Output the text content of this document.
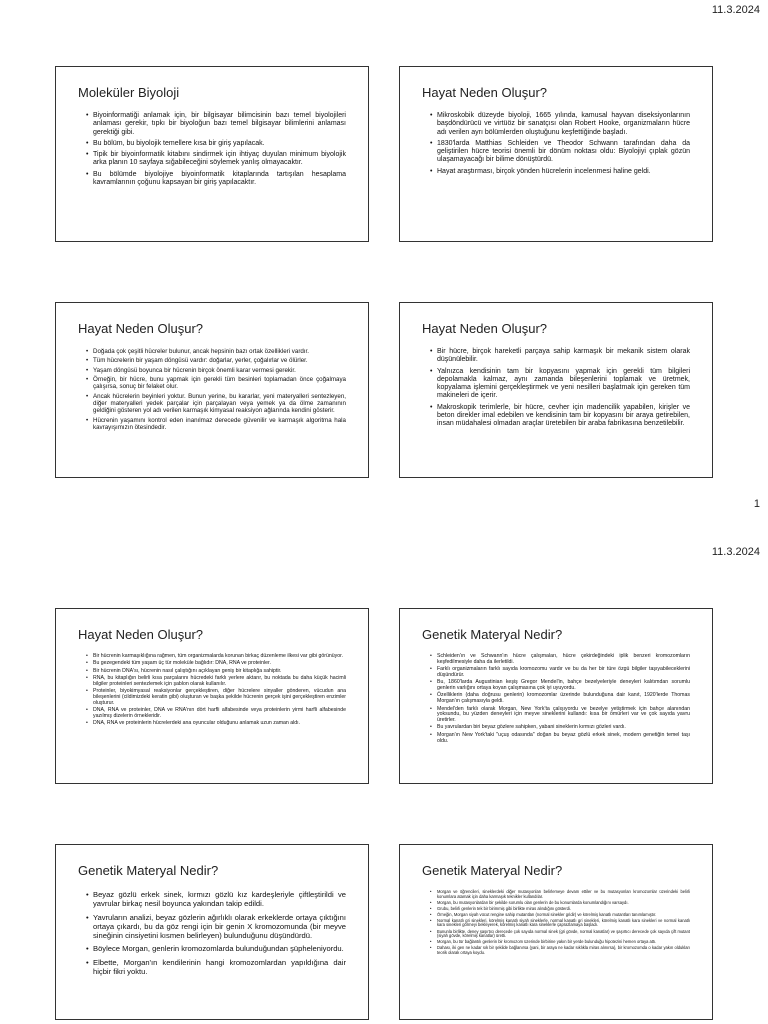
11.3.2024
Moleküler Biyoloji
• Biyoinformatiği anlamak için, bir bilgisayar bilimcisinin bazı temel biyolojileri anlaması gerekir, tıpkı bir biyoloğun bazı temel bilgisayar bilimlerini anlaması gerektiği gibi.
• Bu bölüm, bu biyolojik temellere kısa bir giriş yapılacak.
• Tipik bir biyoinformatik kitabını sindirmek için ihtiyaç duyulan minimum biyolojik arka planın 10 sayfaya sığabileceğini söylemek yanlış olmayacaktır.
• Bu bölümde biyolojiye biyoinformatik kitaplarında tartışılan hesaplama kavramlarının çoğunu kapsayan bir giriş yapılacaktır.
Hayat Neden Oluşur?
• Mikroskobik düzeyde biyoloji, 1665 yılında, kamusal hayvan diseksiyonlarının başdöndürücü ve virtüöz bir sanatçısı olan Robert Hooke, organizmaların hücre adı verilen ayrı bölümlerden oluştuğunu keşfettiğinde başladı.
• 1830'larda Matthias Schleiden ve Theodor Schwann tarafından daha da geliştirilen hücre teorisi önemli bir dönüm noktası oldu: Biyolojiyi çıplak gözün ulaşamayacağı bir bilime dönüştürdü.
• Hayat araştırması, birçok yönden hücrelerin incelenmesi haline geldi.
Hayat Neden Oluşur?
• Doğada çok çeşitli hücreler bulunur, ancak hepsinin bazı ortak özellikleri vardır.
• Tüm hücrelerin bir yaşam döngüsü vardır: doğarlar, yerler, çoğalırlar ve ölürler.
• Yaşam döngüsü boyunca bir hücrenin birçok önemli karar vermesi gerekir.
• Örneğin, bir hücre, bunu yapmak için gerekli tüm besinleri toplamadan önce çoğalmaya çalışırsa, sonuç bir felaket olur.
• Ancak hücrelerin beyinleri yoktur. Bunun yerine, bu kararlar, yeni materyalleri sentezleyen, diğer materyalleri yedek parçalar için parçalayan veya yemek ya da ölme zamanının geldiğini gösteren yol adı verilen karmaşık kimyasal reaksiyon ağlarında kendini gösterir.
• Hücrenin yaşamını kontrol eden inanılmaz derecede güvenilir ve karmaşık algoritma hala kavrayışımızın ötesindedir.
Hayat Neden Oluşur?
• Bir hücre, birçok hareketli parçaya sahip karmaşık bir mekanik sistem olarak düşünülebilir.
• Yalnızca kendisinin tam bir kopyasını yapmak için gerekli tüm bilgileri depolamakla kalmaz, aynı zamanda bileşenlerini toplamak ve üretmek, kopyalama işlemini gerçekleştirmek ve yeni nesilleri başlatmak için gereken tüm makineleri de içerir.
• Makroskopik terimlerle, bir hücre, cevher için madencilik yapabilen, kirişler ve beton direkler imal edebilen ve kendisinin tam bir kopyasını bir araya getirebilen, insan müdahalesi olmadan araçlar üretebilen bir araba fabrikasına benzetilebilir.
1
11.3.2024
Hayat Neden Oluşur?
• Bir hücrenin karmaşıklığına rağmen, tüm organizmalarda korunan birkaç düzenleme ilkesi var gibi görünüyor.
• Bu gezegendeki tüm yaşam üç tür moleküle bağlıdır: DNA, RNA ve proteinler.
• Bir hücrenin DNA'sı, hücrenin nasıl çalıştığını açıklayan geniş bir kitaplığa sahiptir.
• RNA, bu kitaplığın belirli kısa parçalarını hücredeki farklı yerlere aktarır, bu noktada bu daha küçük hacimli bilgiler proteinleri sentezlemek için şablon olarak kullanılır.
• Proteinler, biyokimyasal reaksiyonlar gerçekleştiren, diğer hücrelere sinyaller gönderen, vücudun ana bileşenlerini (cildimizdeki keratin gibi) oluşturan ve başka şekilde hücrenin gerçek işini gerçekleştiren enzimler oluşturur.
• DNA, RNA ve proteinler, DNA ve RNA'nın dört harfli alfabesinde veya proteinlerin yirmi harfli alfabesinde yazılmış dizelerin örnekleridir.
• DNA, RNA ve proteinlerin hücrelerdeki ana oyuncular olduğunu anlamak uzun zaman aldı.
Genetik Materyal Nedir?
• Schleiden'ın ve Schwann'ın hücre çalışmaları, hücre çekirdeğindeki iplik benzeri kromozomların keşfedilmesiyle daha da ilerletildi.
• Farklı organizmaların farklı sayıda kromozomu vardır ve bu da her bir türe özgü bilgiler taşıyabileceklerini düşündürür.
• Bu, 1860'larda Augustinian keşiş Gregor Mendel'in, bahçe bezelyeleriyle deneyleri kalıtımdan sorumlu genlerin varlığını ortaya koyan çalışmasına çok iyi uyuyordu.
• Özelliklerin (daha doğrusu genlerin) kromozomlar üzerinde bulunduğuna dair kanıt, 1920'lerde Thomas Morgan'ın çalışmasıyla geldi.
• Mendel'den farklı olarak Morgan, New York'ta çalışıyordu ve bezelye yetiştirmek için bahçe alanından yoksundu, bu yüzden deneyleri için meyve sineklerini kullandı: kısa bir ömürleri var ve çok sayıda yavru üretirler.
• Bu yavrulardan biri beyaz gözlere sahipken, yabani sineklerin kırmızı gözleri vardı.
• Morgan'ın New York'taki "uçuş odasında" doğan bu beyaz gözlü erkek sinek, modern genetiğin temel taşı oldu.
Genetik Materyal Nedir?
• Beyaz gözlü erkek sinek, kırmızı gözlü kız kardeşleriyle çiftleştirildi ve yavrular birkaç nesil boyunca yakından takip edildi.
• Yavruların analizi, beyaz gözlerin ağırlıklı olarak erkeklerde ortaya çıktığını ortaya çıkardı, bu da göz rengi için bir genin X kromozomunda (bir meyve sineğinin cinsiyetini kısmen belirleyen) bulunduğunu düşündürdü.
• Böylece Morgan, genlerin kromozomlarda bulunduğundan şüpheleniyordu.
• Elbette, Morgan'ın kendilerinin hangi kromozomlardan yapıldığına dair hiçbir fikri yoktu.
Genetik Materyal Nedir?
• Morgan ve öğrencileri, sineklerdeki diğer mutasyonları belirlemeye devam ettiler ve bu mutasyonları kromozomlar üzerindeki belirli konumlara atamak için daha karmaşık teknikler kullandılar.
• Morgan, bu mutasyonlardan bir şekilde sorumlu olan genlerin de bu konumlarda konumlandığını varsaydı.
• Grubu, belirli genlerin tek bir birimmiş gibi birlikte miras alındığını gösterdi.
• Örneğin, Morgan siyah vücut rengine sahip mutantları (normal sinekler gridir) ve körelmiş kanatlı mutantları tanımlamıştır.
• Normal kanatlı gri sinekleri, körelmiş kanatlı siyah sineklerle, normal kanatlı gri sinekleri, körelmiş kanatlı kara sinekleri ve normal kanatlı kara sinekleri görmeyi bekleyerek, körelmiş kanatlı kara sineklerle çaprazlamaya başladı.
• Bununla birlikte, deney şaşırtıcı derecede çok sayıda normal sinek (gri gövde, normal kanatlar) ve şaşırtıcı derecede çok sayıda çift mutant (siyah gövde, körelmiş kanatlar) üretti.
• Morgan, bu tür bağlantılı genlerin bir kromozom üzerinde birbirine yakın bir yerde bulunduğu hipotezini hemen ortaya attı.
• Dahası, iki gen ne kadar sık bir şekilde bağlanırsa (yani, bir araya ne kadar sıklıkla miras alınırsa), bir kromozomda o kadar yakın oldukları teorik olarak ortaya koydu.
